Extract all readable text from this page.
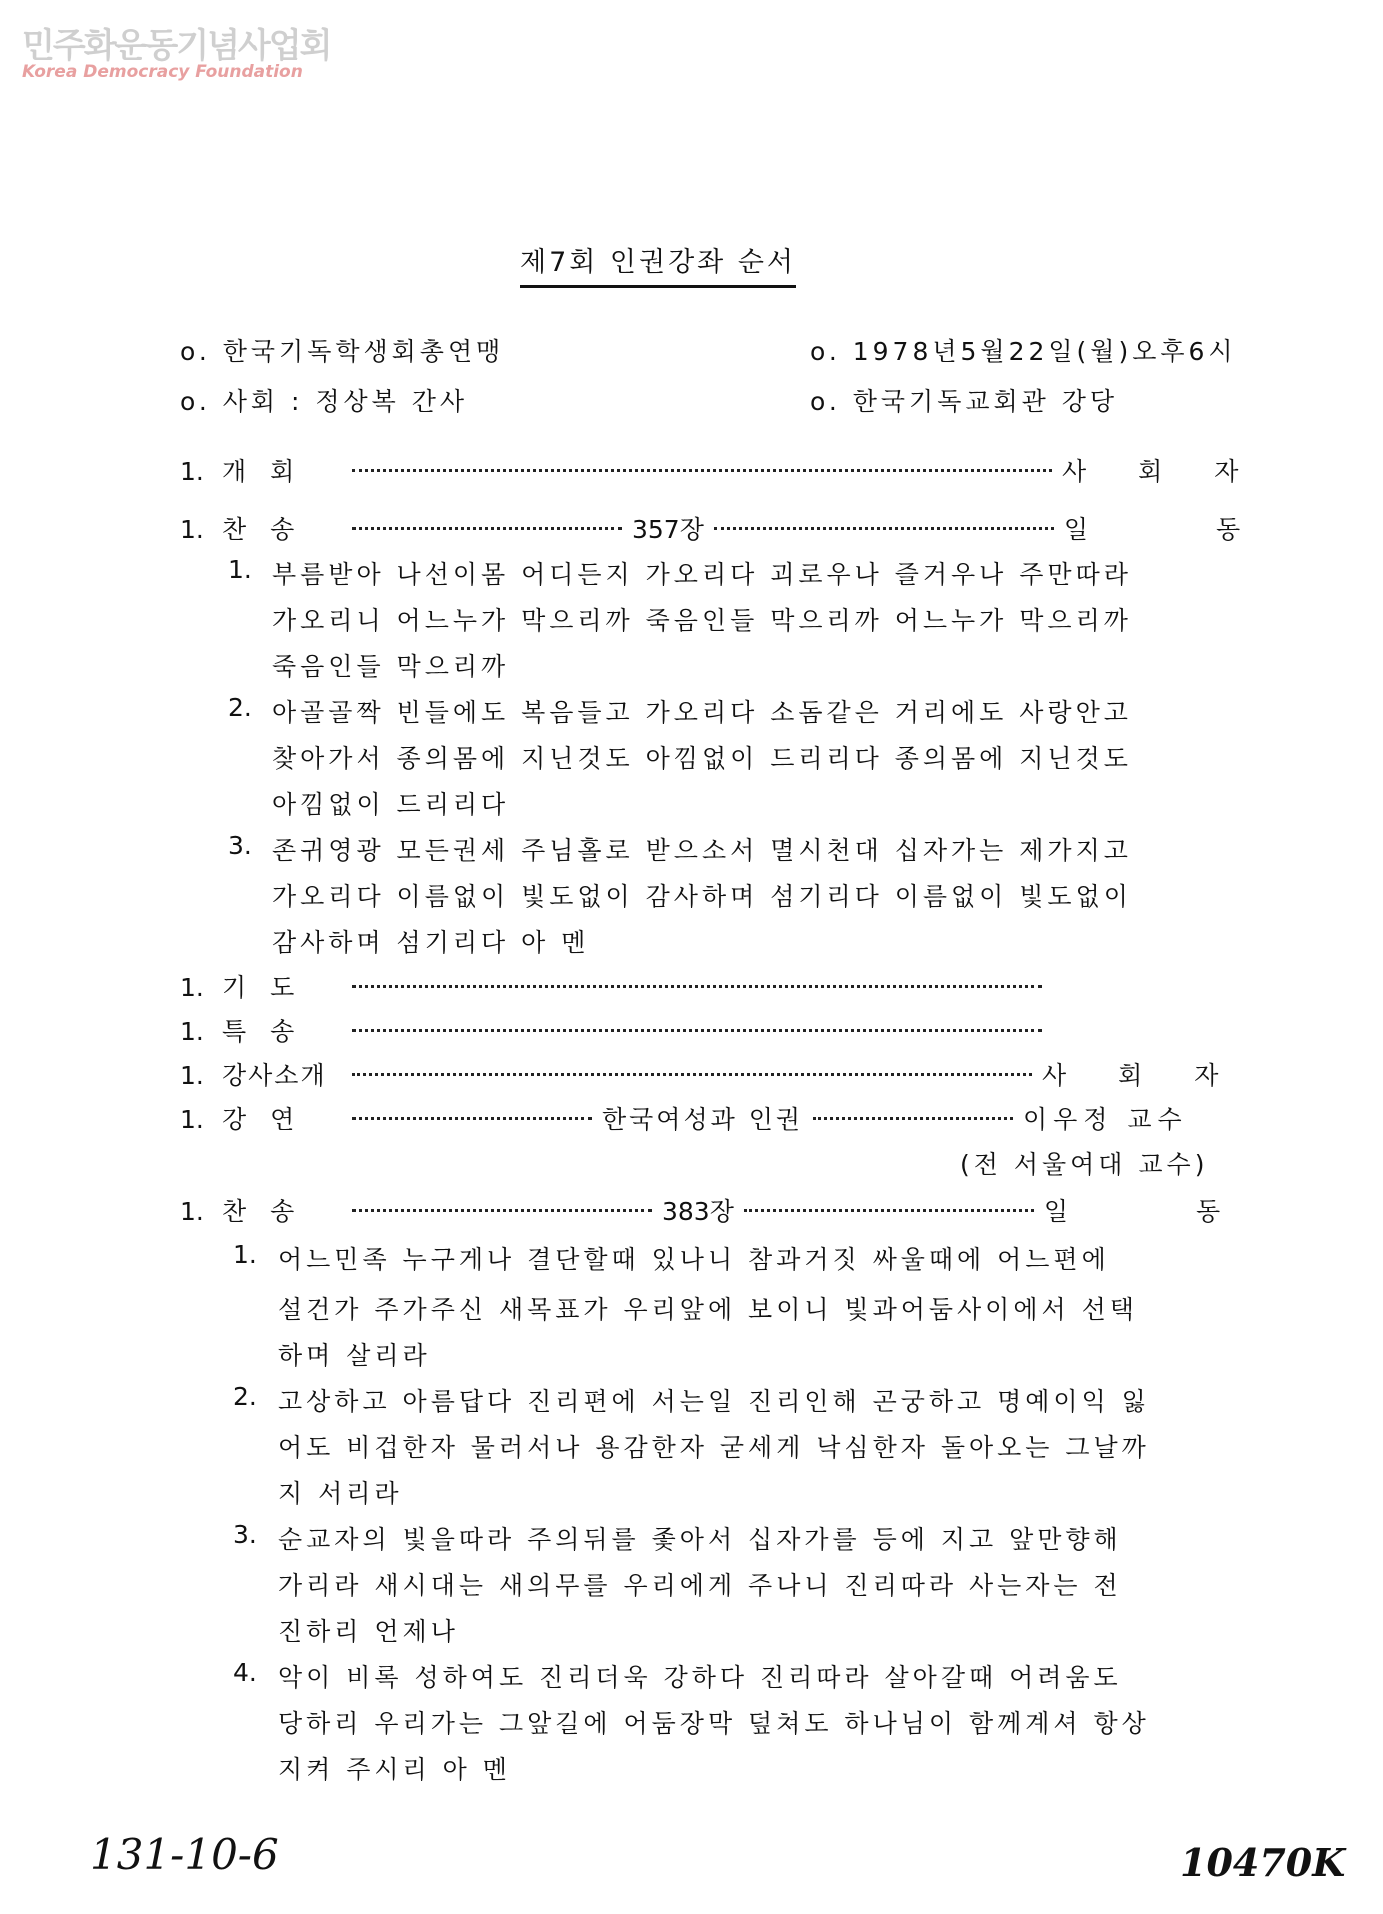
민주화운동기념사업회
Korea Democracy Foundation
제7회 인권강좌 순서
o. 한국기독학생회총연맹
o. 사회 : 정상복 간사
o. 1978년5월22일(월)오후6시
o. 한국기독교회관 강당
1. 개 회	사 회 자
1. 찬 송	357장	일 동
1. 부름받아 나선이몸 어디든지 가오리다 괴로우나 즐거우나 주만따라
가오리니 어느누가 막으리까 죽음인들 막으리까 어느누가 막으리까
죽음인들 막으리까
2. 아골골짝 빈들에도 복음들고 가오리다 소돔같은 거리에도 사랑안고
찾아가서 종의몸에 지닌것도 아낌없이 드리리다 종의몸에 지닌것도
아낌없이 드리리다
3. 존귀영광 모든권세 주님홀로 받으소서 멸시천대 십자가는 제가지고
가오리다 이름없이 빛도없이 감사하며 섬기리다 이름없이 빛도없이
감사하며 섬기리다 아 멘
1. 기 도
1. 특 송
1. 강사소개	사 회 자
1. 강 연	한국여성과 인권	이우정 교수
(전 서울여대 교수)
1. 찬 송	383장	일 동
1. 어느민족 누구게나 결단할때 있나니 참과거짓 싸울때에 어느편에
설건가 주가주신 새목표가 우리앞에 보이니 빛과어둠사이에서 선택
하며 살리라
2. 고상하고 아름답다 진리편에 서는일 진리인해 곤궁하고 명예이익 잃
어도 비겁한자 물러서나 용감한자 굳세게 낙심한자 돌아오는 그날까
지 서리라
3. 순교자의 빛을따라 주의뒤를 좇아서 십자가를 등에 지고 앞만향해
가리라 새시대는 새의무를 우리에게 주나니 진리따라 사는자는 전
진하리 언제나
4. 악이 비록 성하여도 진리더욱 강하다 진리따라 살아갈때 어려움도
당하리 우리가는 그앞길에 어둠장막 덮쳐도 하나님이 함께계셔 항상
지켜 주시리 아 멘
131-10-6	10470K
